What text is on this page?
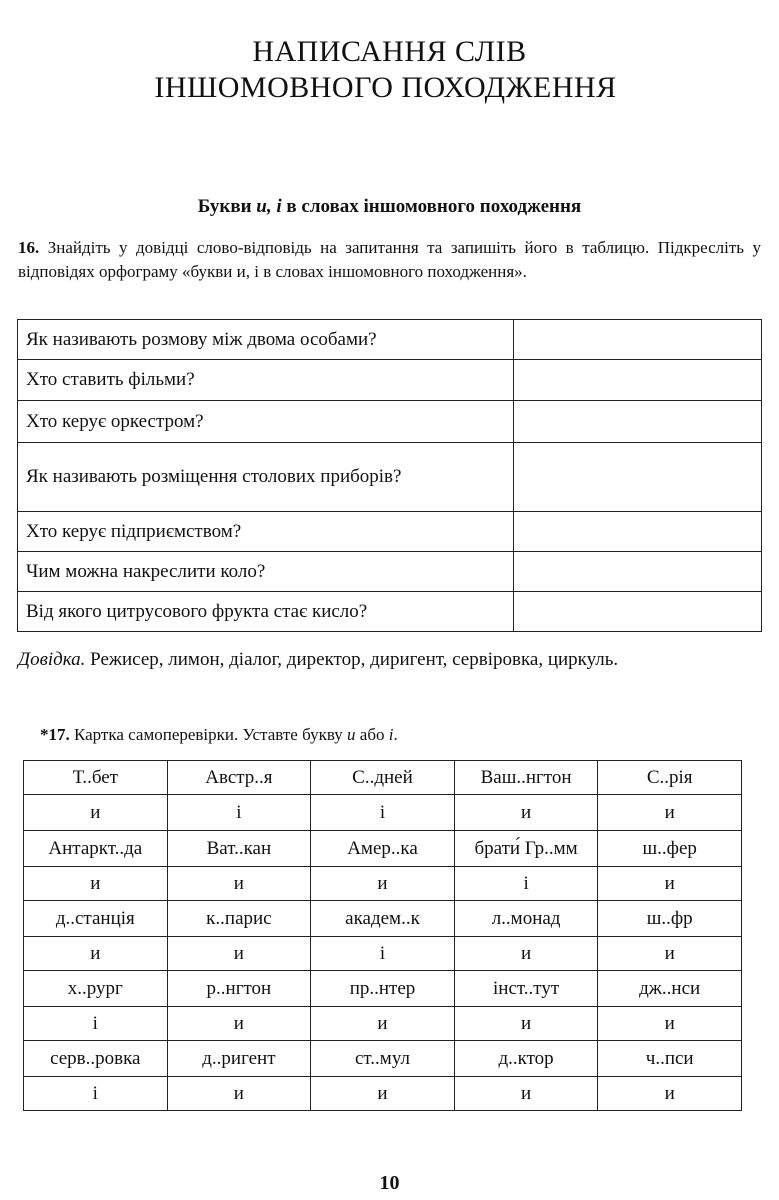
НАПИСАННЯ СЛІВ
ІНШОМОВНОГО ПОХОДЖЕННЯ
Букви и, і в словах іншомовного походження
16. Знайдіть у довідці слово-відповідь на запитання та запишіть його в таблицю. Підкресліть у відповідях орфограму «букви и, і в словах іншомовного походження».
Як називають розмову між двома особами?	
Хто ставить фільми?	
Хто керує оркестром?	
Як називають розміщення столових приборів?	
Хто керує підприємством?	
Чим можна накреслити коло?	
Від якого цитрусового фрукта стає кисло?	
Довідка. Режисер, лимон, діалог, директор, диригент, сервіровка, циркуль.
*17. Картка самоперевірки. Уставте букву и або і.
Т..бет	Австр..я	С..дней	Ваш..нгтон	С..рія
и	і	і	и	и
Антаркт..да	Ват..кан	Амер..ка	брати́ Гр..мм	ш..фер
и	и	и	і	и
д..станція	к..парис	академ..к	л..монад	ш..фр
и	и	і	и	и
х..рург	р..нгтон	пр..нтер	інст..тут	дж..нси
і	и	и	и	и
серв..ровка	д..ригент	ст..мул	д..ктор	ч..пси
і	и	и	и	и
10
